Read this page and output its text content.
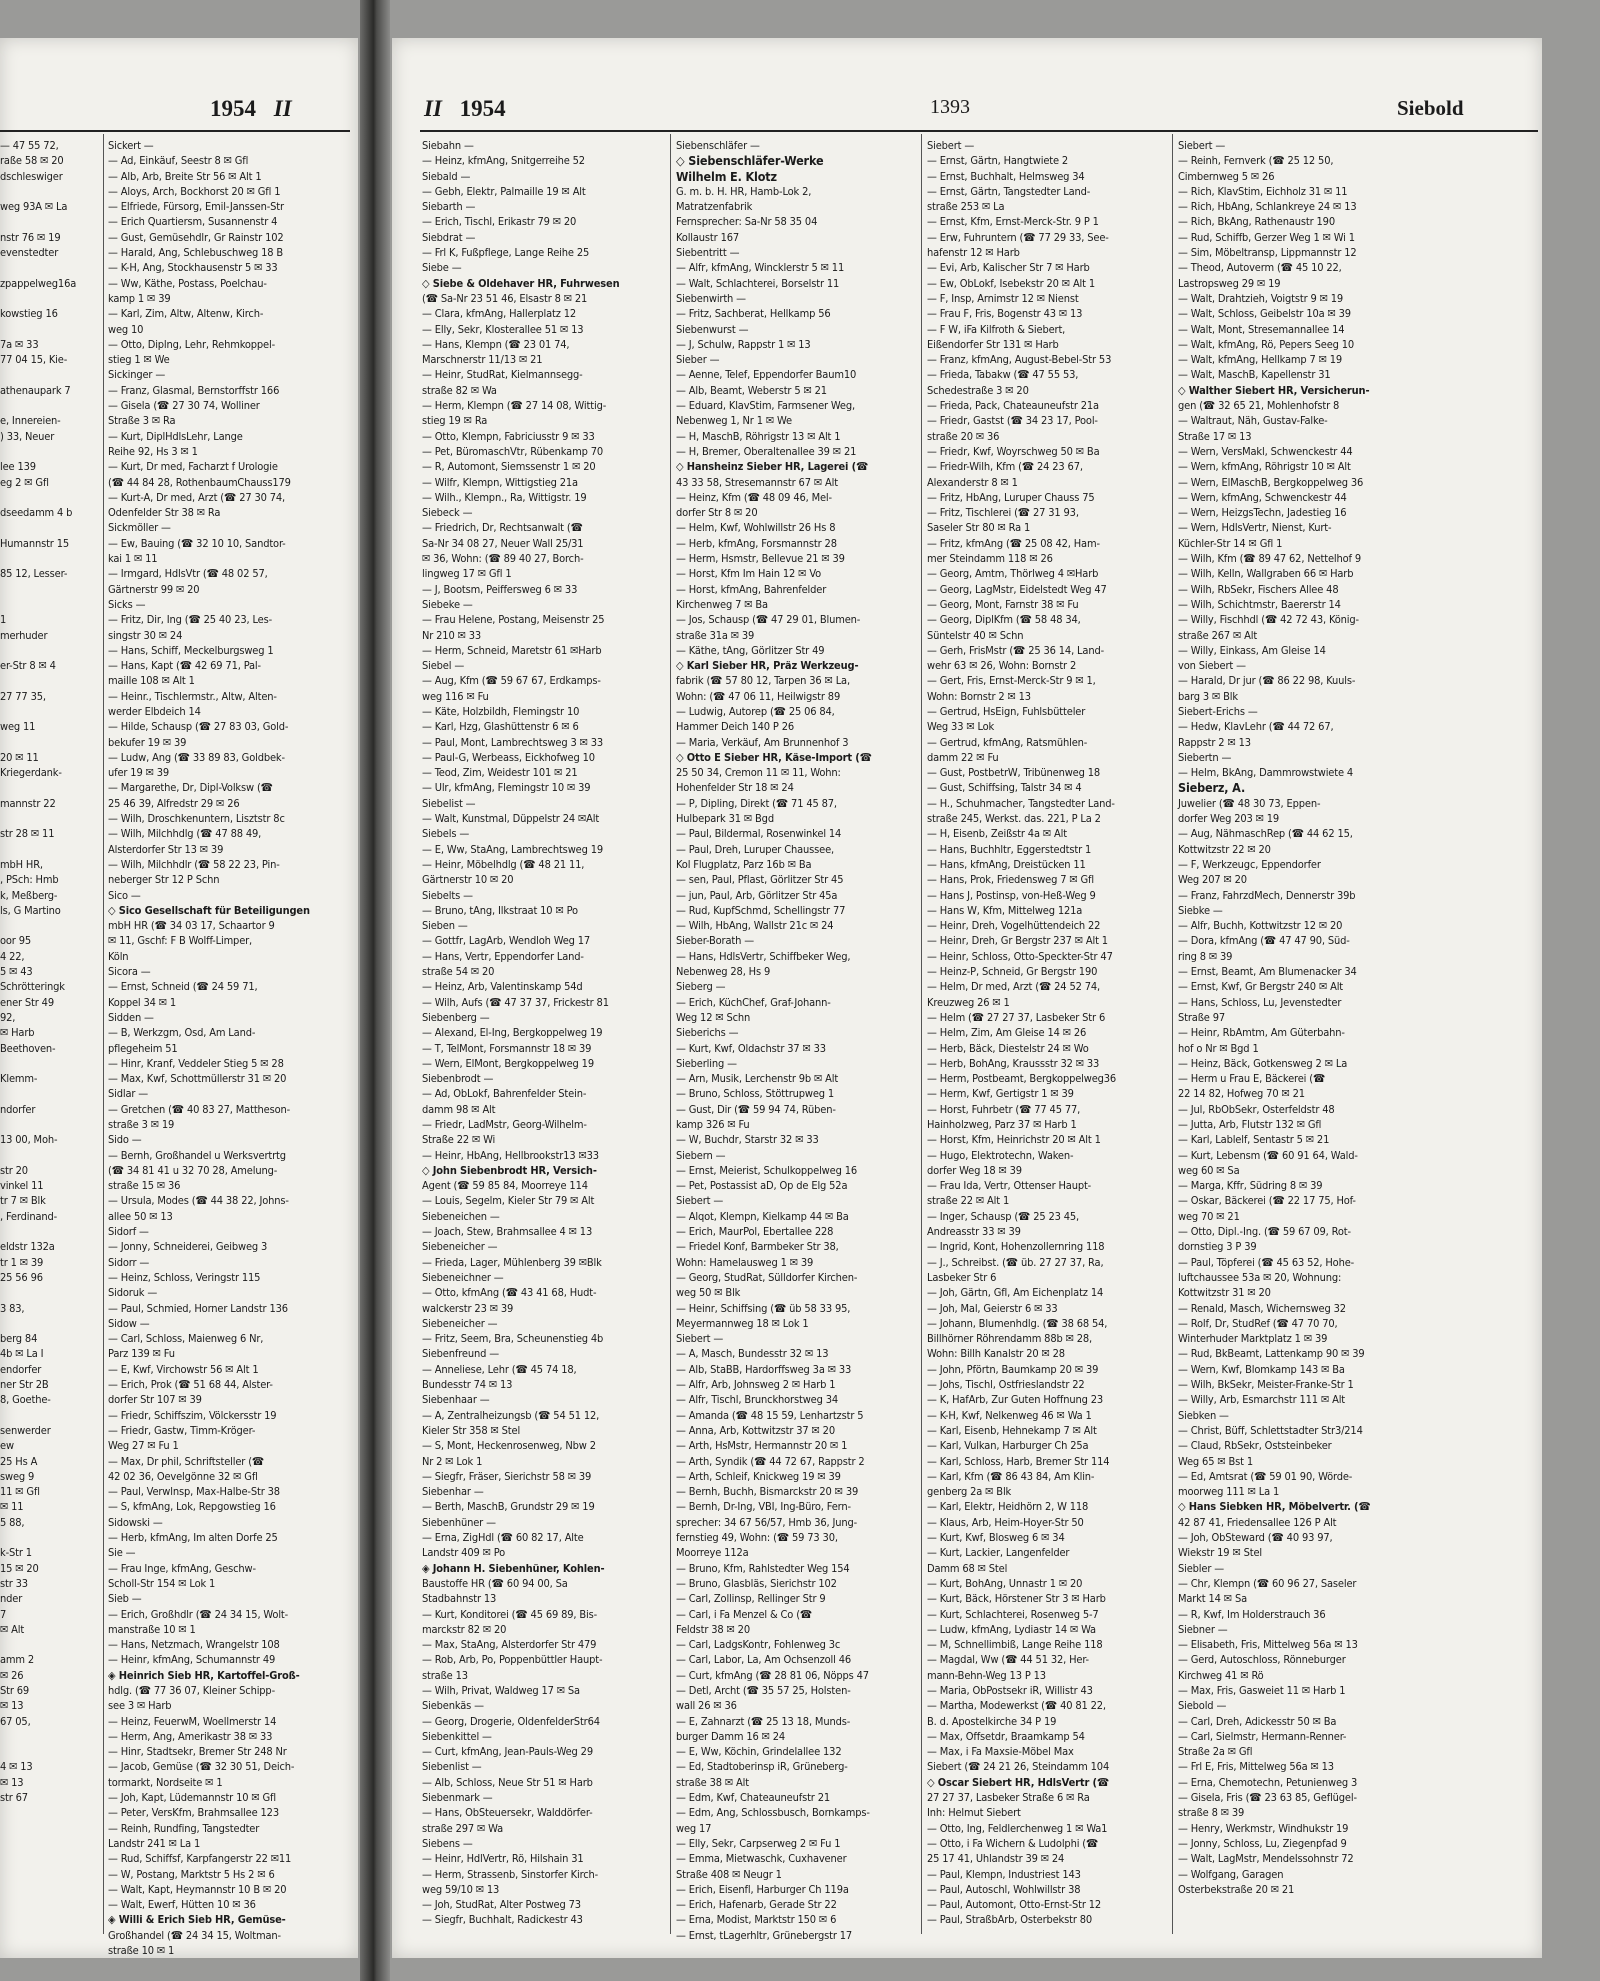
1954 II
— 47 55 72,
raße 58 ✉ 20
dschleswiger

weg 93A ✉ La

nstr 76 ✉ 19
evenstedter

zpappelweg16a

kowstieg 16

7a ✉ 33
77 04 15, Kie-

athenaupark 7

e, Innereien-
) 33, Neuer

lee 139
eg 2 ✉ Gfl

dseedamm 4 b

Humannstr 15

85 12, Lesser-

1
merhuder

er-Str 8 ✉ 4

27 77 35,

weg 11

20 ✉ 11
Kriegerdank-

mannstr 22

str 28 ✉ 11

mbH HR,
, PSch: Hmb
k, Meßberg-
ls, G Martino

oor 95
4 22,
5 ✉ 43
Schrötteringk
ener Str 49
92,
✉ Harb
Beethoven-

Klemm-

ndorfer

13 00, Moh-

str 20
vinkel 11
tr 7 ✉ Blk
, Ferdinand-

eldstr 132a
tr 1 ✉ 39
25 56 96

3 83,

berg 84
4b ✉ La I
endorfer
ner Str 2B
8, Goethe-

senwerder
ew
25 Hs A
sweg 9
11 ✉ Gfl
✉ 11
5 88,

k-Str 1
15 ✉ 20
str 33
nder
7
✉ Alt

amm 2
✉ 26
Str 69
✉ 13
67 05,

4 ✉ 13
✉ 13
str 67
Sickert —
— Ad, Einkäuf, Seestr 8 ✉ Gfl
— Alb, Arb, Breite Str 56 ✉ Alt 1
— Aloys, Arch, Bockhorst 20 ✉ Gfl 1
— Elfriede, Fürsorg, Emil-Janssen-Str
— Erich Quartiersm, Susannenstr 4
— Gust, Gemüsehdlr, Gr Rainstr 102
— Harald, Ang, Schlebuschweg 18 B
— K-H, Ang, Stockhausenstr 5 ✉ 33
— Ww, Käthe, Postass, Poelchau-
kamp 1 ✉ 39
— Karl, Zim, Altw, Altenw, Kirch-
weg 10
— Otto, Diplng, Lehr, Rehmkoppel-
stieg 1 ✉ We
Sickinger —
— Franz, Glasmal, Bernstorffstr 166
— Gisela (☎ 27 30 74, Wolliner
Straße 3 ✉ Ra
— Kurt, DiplHdlsLehr, Lange
Reihe 92, Hs 3 ✉ 1
— Kurt, Dr med, Facharzt f Urologie
(☎ 44 84 28, RothenbaumChauss179
— Kurt-A, Dr med, Arzt (☎ 27 30 74,
Odenfelder Str 38 ✉ Ra
Sickmöller —
— Ew, Bauing (☎ 32 10 10, Sandtor-
kai 1 ✉ 11
— Irmgard, HdlsVtr (☎ 48 02 57,
Gärtnerstr 99 ✉ 20
Sicks —
— Fritz, Dir, Ing (☎ 25 40 23, Les-
singstr 30 ✉ 24
— Hans, Schiff, Meckelburgsweg 1
— Hans, Kapt (☎ 42 69 71, Pal-
maille 108 ✉ Alt 1
— Heinr., Tischlermstr., Altw, Alten-
werder Elbdeich 14
— Hilde, Schausp (☎ 27 83 03, Gold-
bekufer 19 ✉ 39
— Ludw, Ang (☎ 33 89 83, Goldbek-
ufer 19 ✉ 39
— Margarethe, Dr, Dipl-Volksw (☎
25 46 39, Alfredstr 29 ✉ 26
— Wilh, Droschkenuntern, Lisztstr 8c
— Wilh, Milchhdlg (☎ 47 88 49,
Alsterdorfer Str 13 ✉ 39
— Wilh, Milchhdlr (☎ 58 22 23, Pin-
neberger Str 12 P Schn
Sico —
◇ Sico Gesellschaft für Beteiligungen
mbH HR (☎ 34 03 17, Schaartor 9
✉ 11, Gschf: F B Wolff-Limper,
Köln
Sicora —
— Ernst, Schneid (☎ 24 59 71,
Koppel 34 ✉ 1
Sidden —
— B, Werkzgm, Osd, Am Land-
pflegeheim 51
— Hinr, Kranf, Veddeler Stieg 5 ✉ 28
— Max, Kwf, Schottmüllerstr 31 ✉ 20
Sidlar —
— Gretchen (☎ 40 83 27, Mattheson-
straße 3 ✉ 19
Sido —
— Bernh, Großhandel u Werksvertrtg
(☎ 34 81 41 u 32 70 28, Amelung-
straße 15 ✉ 36
— Ursula, Modes (☎ 44 38 22, Johns-
allee 50 ✉ 13
Sidorf —
— Jonny, Schneiderei, Geibweg 3
Sidorr —
— Heinz, Schloss, Veringstr 115
Sidoruk —
— Paul, Schmied, Horner Landstr 136
Sidow —
— Carl, Schloss, Maienweg 6 Nr,
Parz 139 ✉ Fu
— E, Kwf, Virchowstr 56 ✉ Alt 1
— Erich, Prok (☎ 51 68 44, Alster-
dorfer Str 107 ✉ 39
— Friedr, Schiffszim, Völckersstr 19
— Friedr, Gastw, Timm-Kröger-
Weg 27 ✉ Fu 1
— Max, Dr phil, Schriftsteller (☎
42 02 36, Oevelgönne 32 ✉ Gfl
— Paul, Verwlnsp, Max-Halbe-Str 38
— S, kfmAng, Lok, Repgowstieg 16
Sidowski —
— Herb, kfmAng, Im alten Dorfe 25
Sie —
— Frau Inge, kfmAng, Geschw-
Scholl-Str 154 ✉ Lok 1
Sieb —
— Erich, Großhdlr (☎ 24 34 15, Wolt-
manstraße 10 ✉ 1
— Hans, Netzmach, Wrangelstr 108
— Heinr, kfmAng, Schumannstr 49
◈ Heinrich Sieb HR, Kartoffel-Groß-
hdlg. (☎ 77 36 07, Kleiner Schipp-
see 3 ✉ Harb
— Heinz, FeuerwM, Woellmerstr 14
— Herm, Ang, Amerikastr 38 ✉ 33
— Hinr, Stadtsekr, Bremer Str 248 Nr
— Jacob, Gemüse (☎ 32 30 51, Deich-
tormarkt, Nordseite ✉ 1
— Joh, Kapt, Lüdemannstr 10 ✉ Gfl
— Peter, VersKfm, Brahmsallee 123
— Reinh, Rundfing, Tangstedter
Landstr 241 ✉ La 1
— Rud, Schiffsf, Karpfangerstr 22 ✉11
— W, Postang, Marktstr 5 Hs 2 ✉ 6
— Walt, Kapt, Heymannstr 10 B ✉ 20
— Walt, Ewerf, Hütten 10 ✉ 36
◈ Willi & Erich Sieb HR, Gemüse-
Großhandel (☎ 24 34 15, Woltman-
straße 10 ✉ 1
II 1954	1393	Siebold
Siebahn —
— Heinz, kfmAng, Snitgerreihe 52
Siebald —
— Gebh, Elektr, Palmaille 19 ✉ Alt
Siebarth —
— Erich, Tischl, Erikastr 79 ✉ 20
Siebdrat —
— Frl K, Fußpflege, Lange Reihe 25
Siebe —
◇ Siebe & Oldehaver HR, Fuhrwesen
(☎ Sa-Nr 23 51 46, Elsastr 8 ✉ 21
— Clara, kfmAng, Hallerplatz 12
— Elly, Sekr, Klosterallee 51 ✉ 13
— Hans, Klempn (☎ 23 01 74,
Marschnerstr 11/13 ✉ 21
— Heinr, StudRat, Kielmannsegg-
straße 82 ✉ Wa
— Herm, Klempn (☎ 27 14 08, Wittig-
stieg 19 ✉ Ra
— Otto, Klempn, Fabriciusstr 9 ✉ 33
— Pet, BüromaschVtr, Rübenkamp 70
— R, Automont, Siemssenstr 1 ✉ 20
— Wilfr, Klempn, Wittigstieg 21a
— Wilh., Klempn., Ra, Wittigstr. 19
Siebeck —
— Friedrich, Dr, Rechtsanwalt (☎
Sa-Nr 34 08 27, Neuer Wall 25/31
✉ 36, Wohn: (☎ 89 40 27, Borch-
lingweg 17 ✉ Gfl 1
— J, Bootsm, Peiffersweg 6 ✉ 33
Siebeke —
— Frau Helene, Postang, Meisenstr 25
Nr 210 ✉ 33
— Herm, Schneid, Maretstr 61 ✉Harb
Siebel —
— Aug, Kfm (☎ 59 67 67, Erdkamps-
weg 116 ✉ Fu
— Käte, Holzbildh, Flemingstr 10
— Karl, Hzg, Glashüttenstr 6 ✉ 6
— Paul, Mont, Lambrechtsweg 3 ✉ 33
— Paul-G, Werbeass, Eickhofweg 10
— Teod, Zim, Weidestr 101 ✉ 21
— Ulr, kfmAng, Flemingstr 10 ✉ 39
Siebelist —
— Walt, Kunstmal, Düppelstr 24 ✉Alt
Siebels —
— E, Ww, StaAng, Lambrechtsweg 19
— Heinr, Möbelhdlg (☎ 48 21 11,
Gärtnerstr 10 ✉ 20
Siebelts —
— Bruno, tAng, Ilkstraat 10 ✉ Po
Sieben —
— Gottfr, LagArb, Wendloh Weg 17
— Hans, Vertr, Eppendorfer Land-
straße 54 ✉ 20
— Heinz, Arb, Valentinskamp 54d
— Wilh, Aufs (☎ 47 37 37, Frickestr 81
Siebenberg —
— Alexand, El-Ing, Bergkoppelweg 19
— T, TelMont, Forsmannstr 18 ✉ 39
— Wern, ElMont, Bergkoppelweg 19
Siebenbrodt —
— Ad, ObLokf, Bahrenfelder Stein-
damm 98 ✉ Alt
— Friedr, LadMstr, Georg-Wilhelm-
Straße 22 ✉ Wi
— Heinr, HbAng, Hellbrookstr13 ✉33
◇ John Siebenbrodt HR, Versich-
Agent (☎ 59 85 84, Moorreye 114
— Louis, Segelm, Kieler Str 79 ✉ Alt
Siebeneichen —
— Joach, Stew, Brahmsallee 4 ✉ 13
Siebeneicher —
— Frieda, Lager, Mühlenberg 39 ✉Blk
Siebeneichner —
— Otto, kfmAng (☎ 43 41 68, Hudt-
walckerstr 23 ✉ 39
Siebeneicher —
— Fritz, Seem, Bra, Scheunenstieg 4b
Siebenfreund —
— Anneliese, Lehr (☎ 45 74 18,
Bundesstr 74 ✉ 13
Siebenhaar —
— A, Zentralheizungsb (☎ 54 51 12,
Kieler Str 358 ✉ Stel
— S, Mont, Heckenrosenweg, Nbw 2
Nr 2 ✉ Lok 1
— Siegfr, Fräser, Sierichstr 58 ✉ 39
Siebenhar —
— Berth, MaschB, Grundstr 29 ✉ 19
Siebenhüner —
— Erna, ZigHdl (☎ 60 82 17, Alte
Landstr 409 ✉ Po
◈ Johann H. Siebenhüner, Kohlen-
Baustoffe HR (☎ 60 94 00, Sa
Stadbahnstr 13
— Kurt, Konditorei (☎ 45 69 89, Bis-
marckstr 82 ✉ 20
— Max, StaAng, Alsterdorfer Str 479
— Rob, Arb, Po, Poppenbüttler Haupt-
straße 13
— Wilh, Privat, Waldweg 17 ✉ Sa
Siebenkäs —
— Georg, Drogerie, OldenfelderStr64
Siebenkittel —
— Curt, kfmAng, Jean-Pauls-Weg 29
Siebenlist —
— Alb, Schloss, Neue Str 51 ✉ Harb
Siebenmark —
— Hans, ObSteuersekr, Walddörfer-
straße 297 ✉ Wa
Siebens —
— Heinr, HdlVertr, Rö, Hilshain 31
— Herm, Strassenb, Sinstorfer Kirch-
weg 59/10 ✉ 13
— Joh, StudRat, Alter Postweg 73
— Siegfr, Buchhalt, Radickestr 43
Siebenschläfer —
◇ Siebenschläfer-Werke
Wilhelm E. Klotz
G. m. b. H. HR, Hamb-Lok 2,
Matratzenfabrik
Fernsprecher: Sa-Nr 58 35 04
Kollaustr 167
Siebentritt —
— Alfr, kfmAng, Wincklerstr 5 ✉ 11
— Walt, Schlachterei, Borselstr 11
Siebenwirth —
— Fritz, Sachberat, Hellkamp 56
Siebenwurst —
— J, Schulw, Rappstr 1 ✉ 13
Sieber —
— Aenne, Telef, Eppendorfer Baum10
— Alb, Beamt, Weberstr 5 ✉ 21
— Eduard, KlavStim, Farmsener Weg,
Nebenweg 1, Nr 1 ✉ We
— H, MaschB, Röhrigstr 13 ✉ Alt 1
— H, Bremer, Oberaltenallee 39 ✉ 21
◇ Hansheinz Sieber HR, Lagerei (☎
43 33 58, Stresemannstr 67 ✉ Alt
— Heinz, Kfm (☎ 48 09 46, Mel-
dorfer Str 8 ✉ 20
— Helm, Kwf, Wohlwillstr 26 Hs 8
— Herb, kfmAng, Forsmannstr 28
— Herm, Hsmstr, Bellevue 21 ✉ 39
— Horst, Kfm Im Hain 12 ✉ Vo
— Horst, kfmAng, Bahrenfelder
Kirchenweg 7 ✉ Ba
— Jos, Schausp (☎ 47 29 01, Blumen-
straße 31a ✉ 39
— Käthe, tAng, Görlitzer Str 49
◇ Karl Sieber HR, Präz Werkzeug-
fabrik (☎ 57 80 12, Tarpen 36 ✉ La,
Wohn: (☎ 47 06 11, Heilwigstr 89
— Ludwig, Autorep (☎ 25 06 84,
Hammer Deich 140 P 26
— Maria, Verkäuf, Am Brunnenhof 3
◇ Otto E Sieber HR, Käse-Import (☎
25 50 34, Cremon 11 ✉ 11, Wohn:
Hohenfelder Str 18 ✉ 24
— P, Dipling, Direkt (☎ 71 45 87,
Hulbepark 31 ✉ Bgd
— Paul, Bildermal, Rosenwinkel 14
— Paul, Dreh, Luruper Chaussee,
Kol Flugplatz, Parz 16b ✉ Ba
— sen, Paul, Pflast, Görlitzer Str 45
— jun, Paul, Arb, Görlitzer Str 45a
— Rud, KupfSchmd, Schellingstr 77
— Wilh, HbAng, Wallstr 21c ✉ 24
Sieber-Borath —
— Hans, HdlsVertr, Schiffbeker Weg,
Nebenweg 28, Hs 9
Sieberg —
— Erich, KüchChef, Graf-Johann-
Weg 12 ✉ Schn
Sieberichs —
— Kurt, Kwf, Oldachstr 37 ✉ 33
Sieberling —
— Arn, Musik, Lerchenstr 9b ✉ Alt
— Bruno, Schloss, Stöttrupweg 1
— Gust, Dir (☎ 59 94 74, Rüben-
kamp 326 ✉ Fu
— W, Buchdr, Starstr 32 ✉ 33
Siebern —
— Ernst, Meierist, Schulkoppelweg 16
— Pet, Postassist aD, Op de Elg 52a
Siebert —
— Alqot, Klempn, Kielkamp 44 ✉ Ba
— Erich, MaurPol, Ebertallee 228
— Friedel Konf, Barmbeker Str 38,
Wohn: Hamelausweg 1 ✉ 39
— Georg, StudRat, Sülldorfer Kirchen-
weg 50 ✉ Blk
— Heinr, Schiffsing (☎ üb 58 33 95,
Meyermannweg 18 ✉ Lok 1
Siebert —
— A, Masch, Bundesstr 32 ✉ 13
— Alb, StaBB, Hardorffsweg 3a ✉ 33
— Alfr, Arb, Johnsweg 2 ✉ Harb 1
— Alfr, Tischl, Brunckhorstweg 34
— Amanda (☎ 48 15 59, Lenhartzstr 5
— Anna, Arb, Kottwitzstr 37 ✉ 20
— Arth, HsMstr, Hermannstr 20 ✉ 1
— Arth, Syndik (☎ 44 72 67, Rappstr 2
— Arth, Schleif, Knickweg 19 ✉ 39
— Bernh, Buchh, Bismarckstr 20 ✉ 39
— Bernh, Dr-Ing, VBI, Ing-Büro, Fern-
sprecher: 34 67 56/57, Hmb 36, Jung-
fernstieg 49, Wohn: (☎ 59 73 30,
Moorreye 112a
— Bruno, Kfm, Rahlstedter Weg 154
— Bruno, Glasbläs, Sierichstr 102
— Carl, Zollinsp, Rellinger Str 9
— Carl, i Fa Menzel & Co (☎
Feldstr 38 ✉ 20
— Carl, LadgsKontr, Fohlenweg 3c
— Carl, Labor, La, Am Ochsenzoll 46
— Curt, kfmAng (☎ 28 81 06, Nöpps 47
— Detl, Archt (☎ 35 57 25, Holsten-
wall 26 ✉ 36
— E, Zahnarzt (☎ 25 13 18, Munds-
burger Damm 16 ✉ 24
— E, Ww, Köchin, Grindelallee 132
— Ed, Stadtoberinsp iR, Grüneberg-
straße 38 ✉ Alt
— Edm, Kwf, Chateauneufstr 21
— Edm, Ang, Schlossbusch, Bornkamps-
weg 17
— Elly, Sekr, Carpserweg 2 ✉ Fu 1
— Emma, Mietwaschk, Cuxhavener
Straße 408 ✉ Neugr 1
— Erich, Eisenfl, Harburger Ch 119a
— Erich, Hafenarb, Gerade Str 22
— Erna, Modist, Marktstr 150 ✉ 6
— Ernst, tLagerhltr, Grünebergstr 17
Siebert —
— Ernst, Gärtn, Hangtwiete 2
— Ernst, Buchhalt, Helmsweg 34
— Ernst, Gärtn, Tangstedter Land-
straße 253 ✉ La
— Ernst, Kfm, Ernst-Merck-Str. 9 P 1
— Erw, Fuhruntern (☎ 77 29 33, See-
hafenstr 12 ✉ Harb
— Evi, Arb, Kalischer Str 7 ✉ Harb
— Ew, ObLokf, Isebekstr 20 ✉ Alt 1
— F, Insp, Arnimstr 12 ✉ Nienst
— Frau F, Fris, Bogenstr 43 ✉ 13
— F W, iFa Kilfroth & Siebert,
Eißendorfer Str 131 ✉ Harb
— Franz, kfmAng, August-Bebel-Str 53
— Frieda, Tabakw (☎ 47 55 53,
Schedestraße 3 ✉ 20
— Frieda, Pack, Chateauneufstr 21a
— Friedr, Gastst (☎ 34 23 17, Pool-
straße 20 ✉ 36
— Friedr, Kwf, Woyrschweg 50 ✉ Ba
— Friedr-Wilh, Kfm (☎ 24 23 67,
Alexanderstr 8 ✉ 1
— Fritz, HbAng, Luruper Chauss 75
— Fritz, Tischlerei (☎ 27 31 93,
Saseler Str 80 ✉ Ra 1
— Fritz, kfmAng (☎ 25 08 42, Ham-
mer Steindamm 118 ✉ 26
— Georg, Amtm, Thörlweg 4 ✉Harb
— Georg, LagMstr, Eidelstedt Weg 47
— Georg, Mont, Farnstr 38 ✉ Fu
— Georg, DiplKfm (☎ 58 48 34,
Süntelstr 40 ✉ Schn
— Gerh, FrisMstr (☎ 25 36 14, Land-
wehr 63 ✉ 26, Wohn: Bornstr 2
— Gert, Fris, Ernst-Merck-Str 9 ✉ 1,
Wohn: Bornstr 2 ✉ 13
— Gertrud, HsEign, Fuhlsbütteler
Weg 33 ✉ Lok
— Gertrud, kfmAng, Ratsmühlen-
damm 22 ✉ Fu
— Gust, PostbetrW, Tribünenweg 18
— Gust, Schiffsing, Talstr 34 ✉ 4
— H., Schuhmacher, Tangstedter Land-
straße 245, Werkst. das. 221, P La 2
— H, Eisenb, Zeißstr 4a ✉ Alt
— Hans, Buchhltr, Eggerstedtstr 1
— Hans, kfmAng, Dreistücken 11
— Hans, Prok, Friedensweg 7 ✉ Gfl
— Hans J, Postinsp, von-Heß-Weg 9
— Hans W, Kfm, Mittelweg 121a
— Heinr, Dreh, Vogelhüttendeich 22
— Heinr, Dreh, Gr Bergstr 237 ✉ Alt 1
— Heinr, Schloss, Otto-Speckter-Str 47
— Heinz-P, Schneid, Gr Bergstr 190
— Helm, Dr med, Arzt (☎ 24 52 74,
Kreuzweg 26 ✉ 1
— Helm (☎ 27 27 37, Lasbeker Str 6
— Helm, Zim, Am Gleise 14 ✉ 26
— Herb, Bäck, Diestelstr 24 ✉ Wo
— Herb, BohAng, Kraussstr 32 ✉ 33
— Herm, Postbeamt, Bergkoppelweg36
— Herm, Kwf, Gertigstr 1 ✉ 39
— Horst, Fuhrbetr (☎ 77 45 77,
Hainholzweg, Parz 37 ✉ Harb 1
— Horst, Kfm, Heinrichstr 20 ✉ Alt 1
— Hugo, Elektrotechn, Waken-
dorfer Weg 18 ✉ 39
— Frau Ida, Vertr, Ottenser Haupt-
straße 22 ✉ Alt 1
— Inger, Schausp (☎ 25 23 45,
Andreasstr 33 ✉ 39
— Ingrid, Kont, Hohenzollernring 118
— J., Schreibst. (☎ üb. 27 27 37, Ra,
Lasbeker Str 6
— Joh, Gärtn, Gfl, Am Eichenplatz 14
— Joh, Mal, Geierstr 6 ✉ 33
— Johann, Blumenhdlg. (☎ 38 68 54,
Billhörner Röhrendamm 88b ✉ 28,
Wohn: Billh Kanalstr 20 ✉ 28
— John, Pförtn, Baumkamp 20 ✉ 39
— Johs, Tischl, Ostfrieslandstr 22
— K, HafArb, Zur Guten Hoffnung 23
— K-H, Kwf, Nelkenweg 46 ✉ Wa 1
— Karl, Eisenb, Hehnekamp 7 ✉ Alt
— Karl, Vulkan, Harburger Ch 25a
— Karl, Schloss, Harb, Bremer Str 114
— Karl, Kfm (☎ 86 43 84, Am Klin-
genberg 2a ✉ Blk
— Karl, Elektr, Heidhörn 2, W 118
— Klaus, Arb, Heim-Hoyer-Str 50
— Kurt, Kwf, Blosweg 6 ✉ 34
— Kurt, Lackier, Langenfelder
Damm 68 ✉ Stel
— Kurt, BohAng, Unnastr 1 ✉ 20
— Kurt, Bäck, Hörstener Str 3 ✉ Harb
— Kurt, Schlachterei, Rosenweg 5-7
— Ludw, kfmAng, Lydiastr 14 ✉ Wa
— M, Schnellimbiß, Lange Reihe 118
— Magdal, Ww (☎ 44 51 32, Her-
mann-Behn-Weg 13 P 13
— Maria, ObPostsekr iR, Willistr 43
— Martha, Modewerkst (☎ 40 81 22,
B. d. Apostelkirche 34 P 19
— Max, Offsetdr, Braamkamp 54
— Max, i Fa Maxsie-Möbel Max
Siebert (☎ 24 21 26, Steindamm 104
◇ Oscar Siebert HR, HdlsVertr (☎
27 27 37, Lasbeker Straße 6 ✉ Ra
Inh: Helmut Siebert
— Otto, Ing, Feldlerchenweg 1 ✉ Wa1
— Otto, i Fa Wichern & Ludolphi (☎
25 17 41, Uhlandstr 39 ✉ 24
— Paul, Klempn, Industriest 143
— Paul, Autoschl, Wohlwillstr 38
— Paul, Automont, Otto-Ernst-Str 12
— Paul, StraßbArb, Osterbekstr 80
Siebert —
— Reinh, Fernverk (☎ 25 12 50,
Cimbernweg 5 ✉ 26
— Rich, KlavStim, Eichholz 31 ✉ 11
— Rich, HbAng, Schlankreye 24 ✉ 13
— Rich, BkAng, Rathenaustr 190
— Rud, Schiffb, Gerzer Weg 1 ✉ Wi 1
— Sim, Möbeltransp, Lippmannstr 12
— Theod, Autoverm (☎ 45 10 22,
Lastropsweg 29 ✉ 19
— Walt, Drahtzieh, Voigtstr 9 ✉ 19
— Walt, Schloss, Geibelstr 10a ✉ 39
— Walt, Mont, Stresemannallee 14
— Walt, kfmAng, Rö, Pepers Seeg 10
— Walt, kfmAng, Hellkamp 7 ✉ 19
— Walt, MaschB, Kapellenstr 31
◇ Walther Siebert HR, Versicherun-
gen (☎ 32 65 21, Mohlenhofstr 8
— Waltraut, Näh, Gustav-Falke-
Straße 17 ✉ 13
— Wern, VersMakl, Schwenckestr 44
— Wern, kfmAng, Röhrigstr 10 ✉ Alt
— Wern, ElMaschB, Bergkoppelweg 36
— Wern, kfmAng, Schwenckestr 44
— Wern, HeizgsTechn, Jadestieg 16
— Wern, HdlsVertr, Nienst, Kurt-
Küchler-Str 14 ✉ Gfl 1
— Wilh, Kfm (☎ 89 47 62, Nettelhof 9
— Wilh, Kelln, Wallgraben 66 ✉ Harb
— Wilh, RbSekr, Fischers Allee 48
— Wilh, Schichtmstr, Baererstr 14
— Willy, Fischhdl (☎ 42 72 43, König-
straße 267 ✉ Alt
— Willy, Einkass, Am Gleise 14
von Siebert —
— Harald, Dr jur (☎ 86 22 98, Kuuls-
barg 3 ✉ Blk
Siebert-Erichs —
— Hedw, KlavLehr (☎ 44 72 67,
Rappstr 2 ✉ 13
Siebertn —
— Helm, BkAng, Dammrowstwiete 4
Sieberz, A.
Juwelier (☎ 48 30 73, Eppen-
dorfer Weg 203 ✉ 19
— Aug, NähmaschRep (☎ 44 62 15,
Kottwitzstr 22 ✉ 20
— F, Werkzeugc, Eppendorfer
Weg 207 ✉ 20
— Franz, FahrzdMech, Dennerstr 39b
Siebke —
— Alfr, Buchh, Kottwitzstr 12 ✉ 20
— Dora, kfmAng (☎ 47 47 90, Süd-
ring 8 ✉ 39
— Ernst, Beamt, Am Blumenacker 34
— Ernst, Kwf, Gr Bergstr 240 ✉ Alt
— Hans, Schloss, Lu, Jevenstedter
Straße 97
— Heinr, RbAmtm, Am Güterbahn-
hof o Nr ✉ Bgd 1
— Heinz, Bäck, Gotkensweg 2 ✉ La
— Herm u Frau E, Bäckerei (☎
22 14 82, Hofweg 70 ✉ 21
— Jul, RbObSekr, Osterfeldstr 48
— Jutta, Arb, Flutstr 132 ✉ Gfl
— Karl, Lablelf, Sentastr 5 ✉ 21
— Kurt, Lebensm (☎ 60 91 64, Wald-
weg 60 ✉ Sa
— Marga, Kffr, Südring 8 ✉ 39
— Oskar, Bäckerei (☎ 22 17 75, Hof-
weg 70 ✉ 21
— Otto, Dipl.-Ing. (☎ 59 67 09, Rot-
dornstieg 3 P 39
— Paul, Töpferei (☎ 45 63 52, Hohe-
luftchaussee 53a ✉ 20, Wohnung:
Kottwitzstr 31 ✉ 20
— Renald, Masch, Wichernsweg 32
— Rolf, Dr, StudRef (☎ 47 70 70,
Winterhuder Marktplatz 1 ✉ 39
— Rud, BkBeamt, Lattenkamp 90 ✉ 39
— Wern, Kwf, Blomkamp 143 ✉ Ba
— Wilh, BkSekr, Meister-Franke-Str 1
— Willy, Arb, Esmarchstr 111 ✉ Alt
Siebken —
— Christ, Büff, Schlettstadter Str3/214
— Claud, RbSekr, Oststeinbeker
Weg 65 ✉ Bst 1
— Ed, Amtsrat (☎ 59 01 90, Wörde-
moorweg 111 ✉ La 1
◇ Hans Siebken HR, Möbelvertr. (☎
42 87 41, Friedensallee 126 P Alt
— Joh, ObSteward (☎ 40 93 97,
Wiekstr 19 ✉ Stel
Siebler —
— Chr, Klempn (☎ 60 96 27, Saseler
Markt 14 ✉ Sa
— R, Kwf, Im Holderstrauch 36
Siebner —
— Elisabeth, Fris, Mittelweg 56a ✉ 13
— Gerd, Autoschloss, Rönneburger
Kirchweg 41 ✉ Rö
— Max, Fris, Gasweiet 11 ✉ Harb 1
Siebold —
— Carl, Dreh, Adickesstr 50 ✉ Ba
— Carl, Sielmstr, Hermann-Renner-
Straße 2a ✉ Gfl
— Frl E, Fris, Mittelweg 56a ✉ 13
— Erna, Chemotechn, Petunienweg 3
— Gisela, Fris (☎ 23 63 85, Geflügel-
straße 8 ✉ 39
— Henry, Werkmstr, Windhukstr 19
— Jonny, Schloss, Lu, Ziegenpfad 9
— Walt, LagMstr, Mendelssohnstr 72
— Wolfgang, Garagen
Osterbekstraße 20 ✉ 21
